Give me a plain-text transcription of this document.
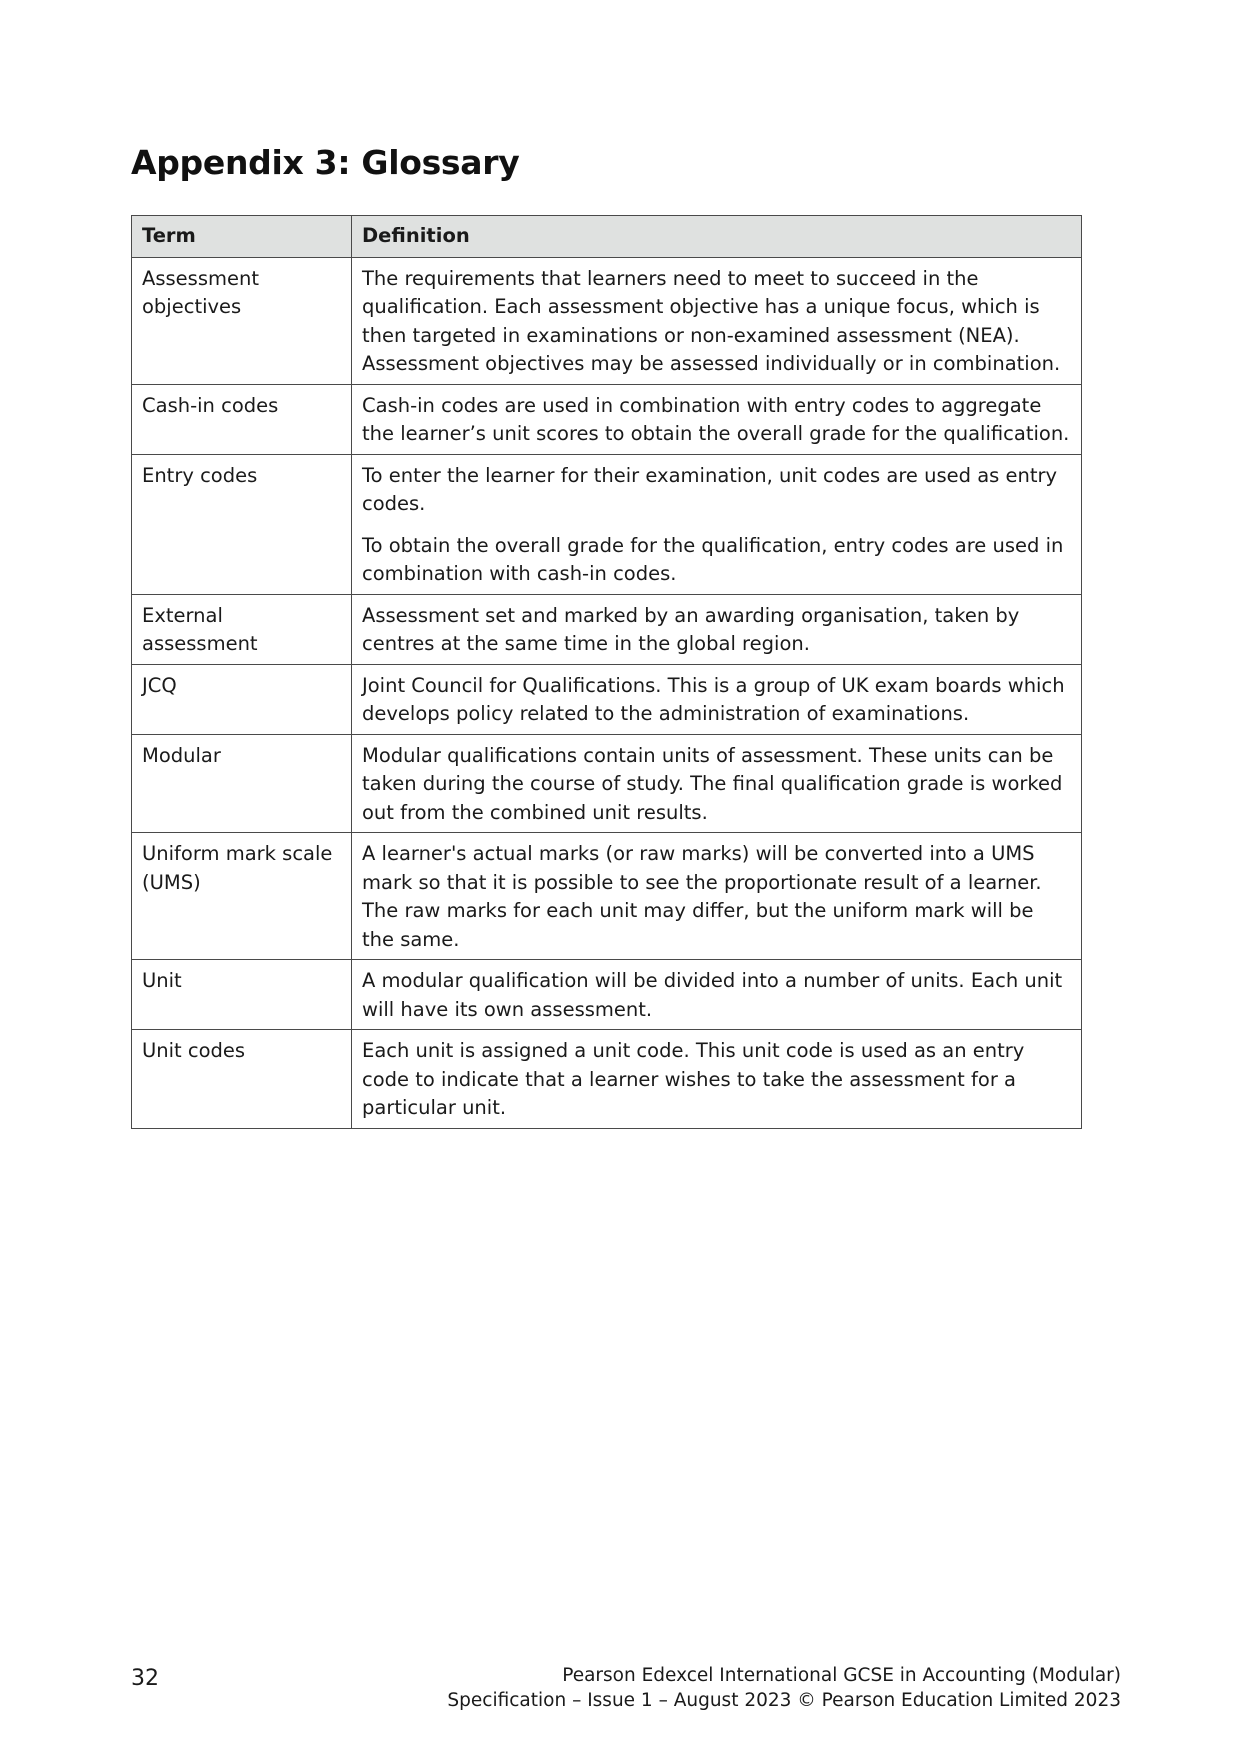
Appendix 3: Glossary
Term	Definition
Assessment objectives	The requirements that learners need to meet to succeed in the qualification. Each assessment objective has a unique focus, which is then targeted in examinations or non-examined assessment (NEA). Assessment objectives may be assessed individually or in combination.

Cash-in codes	Cash-in codes are used in combination with entry codes to aggregate the learner’s unit scores to obtain the overall grade for the qualification.

Entry codes	To enter the learner for their examination, unit codes are used as entry codes.

To obtain the overall grade for the qualification, entry codes are used in combination with cash-in codes.

External assessment	Assessment set and marked by an awarding organisation, taken by centres at the same time in the global region.

JCQ	Joint Council for Qualifications. This is a group of UK exam boards which develops policy related to the administration of examinations.

Modular	Modular qualifications contain units of assessment. These units can be taken during the course of study. The final qualification grade is worked out from the combined unit results.

Uniform mark scale (UMS)	A learner's actual marks (or raw marks) will be converted into a UMS mark so that it is possible to see the proportionate result of a learner. The raw marks for each unit may differ, but the uniform mark will be the same.

Unit	A modular qualification will be divided into a number of units. Each unit will have its own assessment.

Unit codes	Each unit is assigned a unit code. This unit code is used as an entry code to indicate that a learner wishes to take the assessment for a particular unit.

32	Pearson Edexcel International GCSE in Accounting (Modular)
Specification – Issue 1 – August 2023 © Pearson Education Limited 2023
